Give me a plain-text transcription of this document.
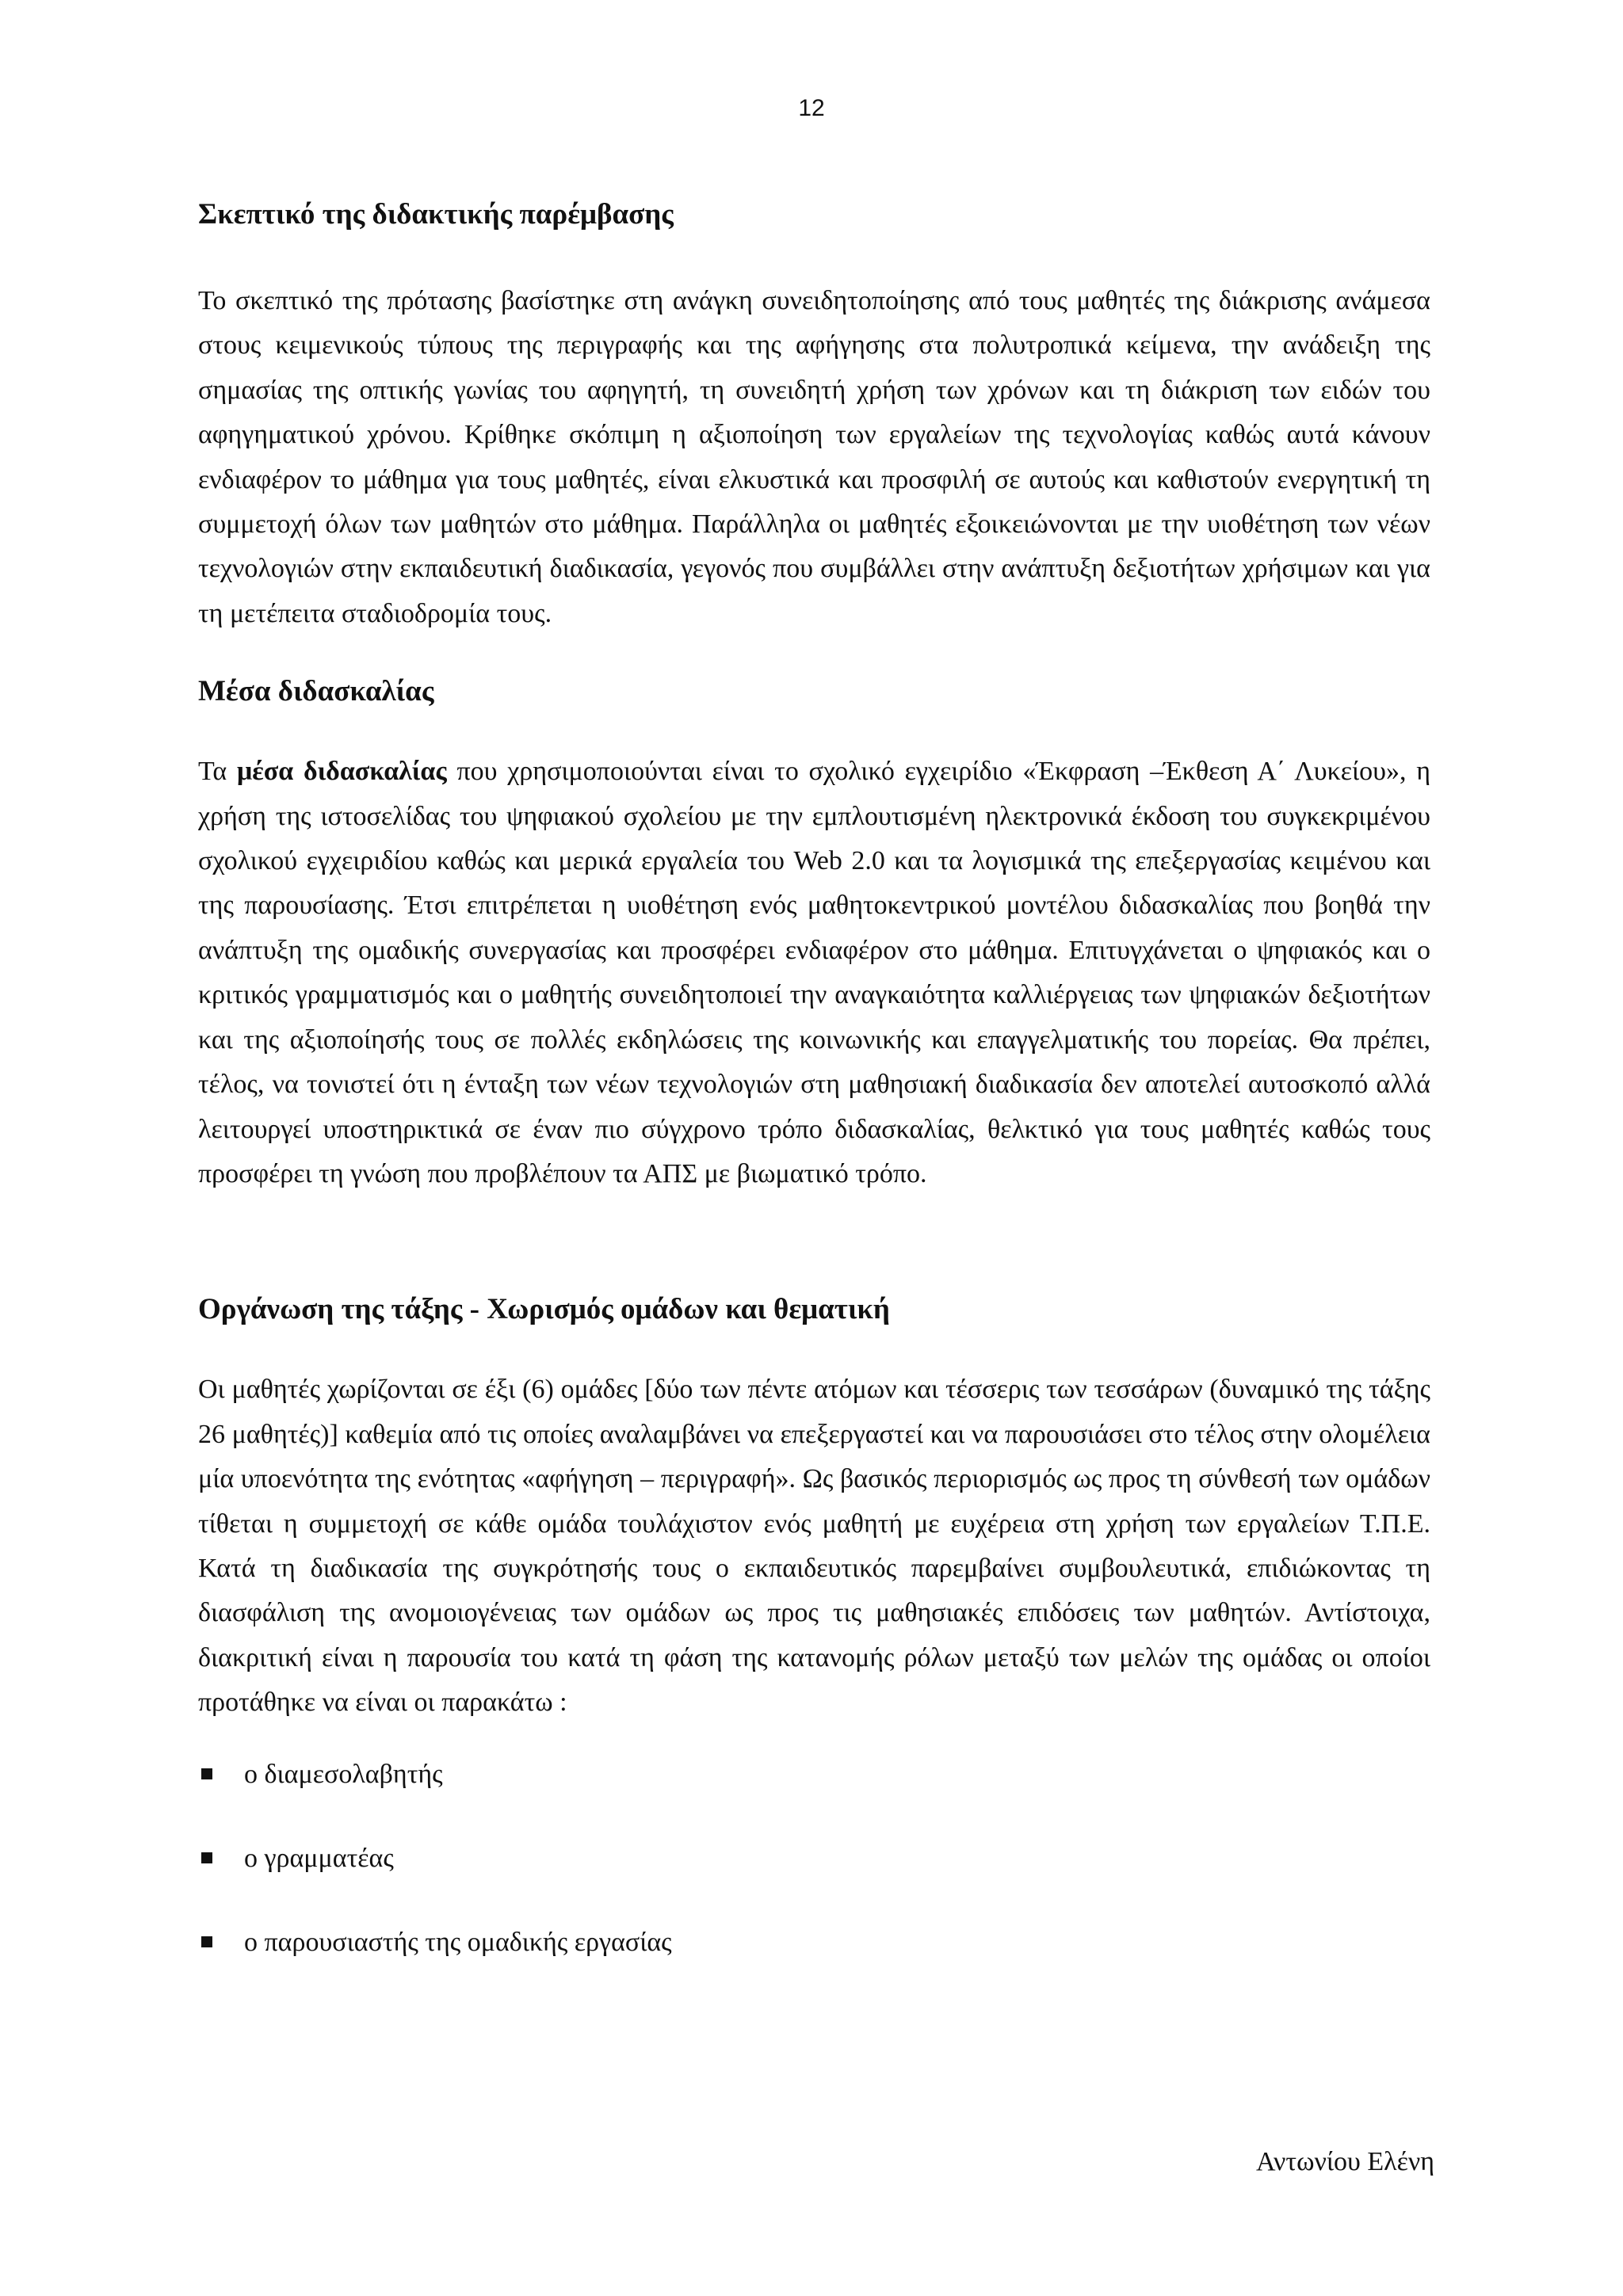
12
Σκεπτικό της διδακτικής παρέμβασης

Το σκεπτικό της πρότασης βασίστηκε στη ανάγκη συνειδητοποίησης από τους μαθητές της διάκρισης ανάμεσα στους κειμενικούς τύπους της περιγραφής και της αφήγησης στα πολυτροπικά κείμενα, την ανάδειξη της σημασίας της οπτικής γωνίας του αφηγητή, τη συνειδητή χρήση των χρόνων και τη διάκριση των ειδών του αφηγηματικού χρόνου. Κρίθηκε σκόπιμη η αξιοποίηση των εργαλείων της τεχνολογίας καθώς αυτά κάνουν ενδιαφέρον το μάθημα για τους μαθητές, είναι ελκυστικά και προσφιλή σε αυτούς και καθιστούν ενεργητική τη συμμετοχή όλων των μαθητών στο μάθημα. Παράλληλα οι μαθητές εξοικειώνονται με την υιοθέτηση των νέων τεχνολογιών στην εκπαιδευτική διαδικασία, γεγονός που συμβάλλει στην ανάπτυξη δεξιοτήτων χρήσιμων και για τη μετέπειτα σταδιοδρομία τους.

Μέσα διδασκαλίας

Τα μέσα διδασκαλίας που χρησιμοποιούνται είναι το σχολικό εγχειρίδιο «Έκφραση –Έκθεση Α΄ Λυκείου», η χρήση της ιστοσελίδας του ψηφιακού σχολείου με την εμπλουτισμένη ηλεκτρονικά έκδοση του συγκεκριμένου σχολικού εγχειριδίου καθώς και μερικά εργαλεία του Web 2.0 και τα λογισμικά της επεξεργασίας κειμένου και της παρουσίασης. Έτσι επιτρέπεται η υιοθέτηση ενός μαθητοκεντρικού μοντέλου διδασκαλίας που βοηθά την ανάπτυξη της ομαδικής συνεργασίας και προσφέρει ενδιαφέρον στο μάθημα. Επιτυγχάνεται ο ψηφιακός και ο κριτικός γραμματισμός και ο μαθητής συνειδητοποιεί την αναγκαιότητα καλλιέργειας των ψηφιακών δεξιοτήτων και της αξιοποίησής τους σε πολλές εκδηλώσεις της κοινωνικής και επαγγελματικής του πορείας. Θα πρέπει, τέλος, να τονιστεί ότι η ένταξη των νέων τεχνολογιών στη μαθησιακή διαδικασία δεν αποτελεί αυτοσκοπό αλλά λειτουργεί υποστηρικτικά σε έναν πιο σύγχρονο τρόπο διδασκαλίας, θελκτικό για τους μαθητές καθώς τους προσφέρει τη γνώση που προβλέπουν τα ΑΠΣ με βιωματικό τρόπο.

Οργάνωση της τάξης - Χωρισμός ομάδων και θεματική

Οι μαθητές χωρίζονται σε έξι (6) ομάδες [δύο των πέντε ατόμων και τέσσερις των τεσσάρων (δυναμικό της τάξης 26 μαθητές)] καθεμία από τις οποίες αναλαμβάνει να επεξεργαστεί και να παρουσιάσει στο τέλος στην ολομέλεια μία υποενότητα της ενότητας «αφήγηση – περιγραφή». Ως βασικός περιορισμός ως προς τη σύνθεσή των ομάδων τίθεται η συμμετοχή σε κάθε ομάδα τουλάχιστον ενός μαθητή με ευχέρεια στη χρήση των εργαλείων Τ.Π.Ε. Κατά τη διαδικασία της συγκρότησής τους ο εκπαιδευτικός παρεμβαίνει συμβουλευτικά, επιδιώκοντας τη διασφάλιση της ανομοιογένειας των ομάδων ως προς τις μαθησιακές επιδόσεις των μαθητών. Αντίστοιχα, διακριτική είναι η παρουσία του κατά τη φάση της κατανομής ρόλων μεταξύ των μελών της ομάδας οι οποίοι προτάθηκε να είναι οι παρακάτω :

ο διαμεσολαβητής
ο γραμματέας
ο παρουσιαστής της ομαδικής εργασίας
Αντωνίου Ελένη
